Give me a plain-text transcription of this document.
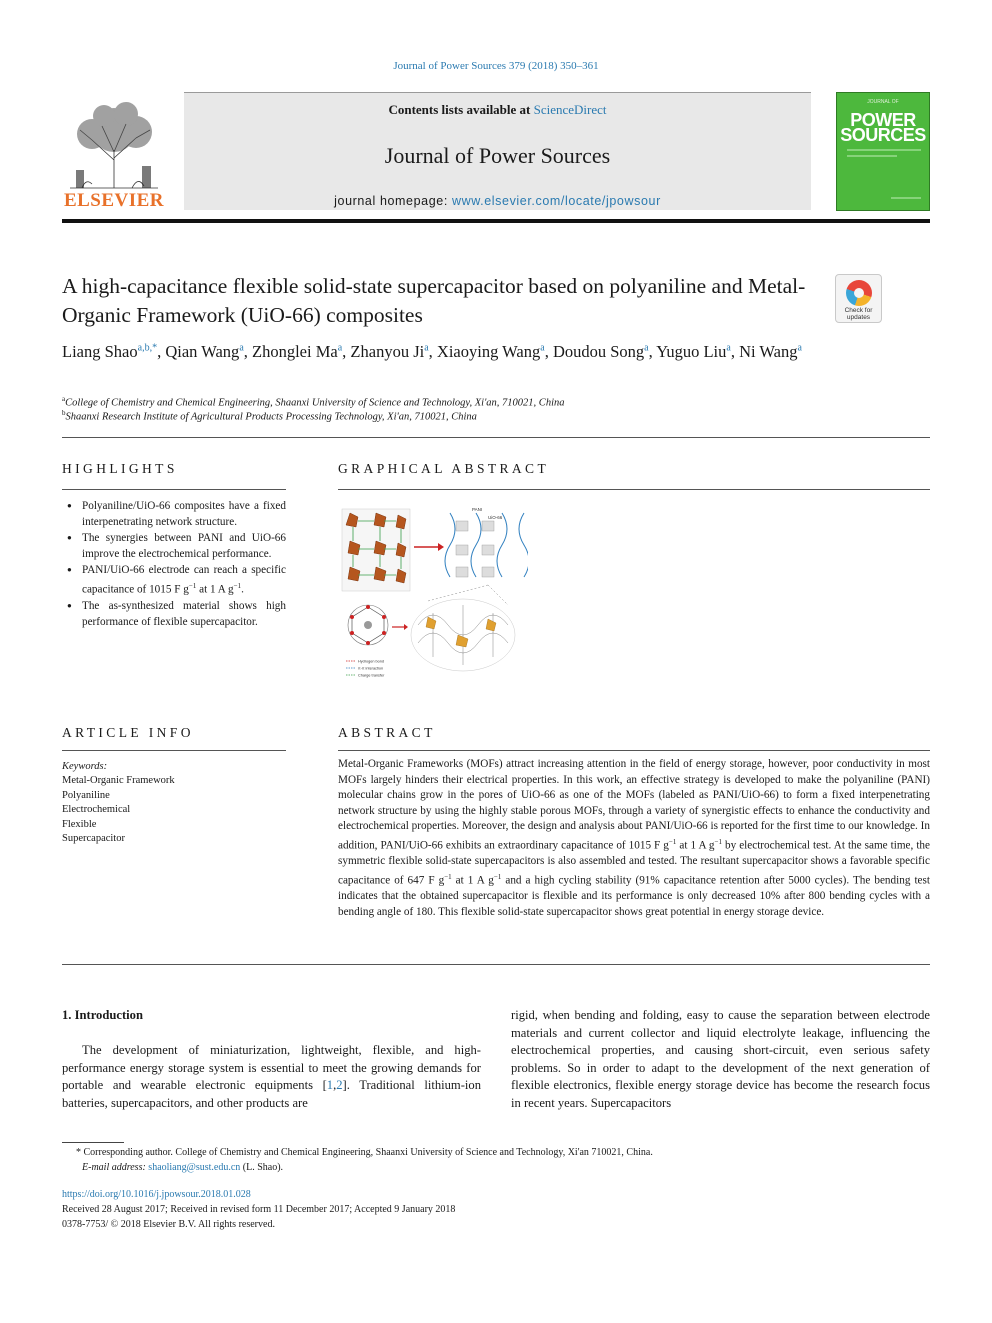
Journal of Power Sources 379 (2018) 350–361
ELSEVIER
Contents lists available at ScienceDirect
Journal of Power Sources
journal homepage: www.elsevier.com/locate/jpowsour
JOURNAL OF
POWER
SOURCES
A high-capacitance flexible solid-state supercapacitor based on polyaniline and Metal-Organic Framework (UiO-66) composites	Check for
updates
Liang Shao$^{a,b,*}$, Qian Wang$^a$, Zhonglei Ma$^a$, Zhanyou Ji$^a$, Xiaoying Wang$^a$, Doudou Song$^a$, Yuguo Liu$^a$, Ni Wang$^a$
$^a$College of Chemistry and Chemical Engineering, Shaanxi University of Science and Technology, Xi'an, 710021, China
$^b$Shaanxi Research Institute of Agricultural Products Processing Technology, Xi'an, 710021, China
HIGHLIGHTS
● Polyaniline/UiO-66 composites have a fixed interpenetrating network structure.
● The synergies between PANI and UiO-66 improve the electrochemical performance.
● PANI/UiO-66 electrode can reach a specific capacitance of 1015 F $g^{-1}$ at 1 A $g^{-1}$.
● The as-synthesized material shows high performance of flexible supercapacitor.
GRAPHICAL ABSTRACT
PANI
UiO-66
Hydrogen bond
π-π interaction
Charge transfer
ARTICLE INFO
Keywords:
Metal-Organic Framework
Polyaniline
Electrochemical
Flexible
Supercapacitor
ABSTRACT
Metal-Organic Frameworks (MOFs) attract increasing attention in the field of energy storage, however, poor conductivity in most MOFs largely hinders their electrical properties. In this work, an effective strategy is developed to make the polyaniline (PANI) molecular chains grow in the pores of UiO-66 as one of the MOFs (labeled as PANI/UiO-66) to form a fixed interpenetrating network structure by using the highly stable porous MOFs, through a variety of synergistic effects to enhance the conductivity and electrochemical properties. Moreover, the design and analysis about PANI/UiO-66 is reported for the first time to our knowledge. In addition, PANI/UiO-66 exhibits an extraordinary capacitance of 1015 F $g^{-1}$ at 1 A $g^{-1}$ by electrochemical test. At the same time, the symmetric flexible solid-state supercapacitors is also assembled and tested. The resultant supercapacitor shows a favorable specific capacitance of 647 F $g^{-1}$ at 1 A $g^{-1}$ and a high cycling stability (91% capacitance retention after 5000 cycles). The bending test indicates that the obtained supercapacitor is flexible and its performance is only decreased 10% after 800 bending cycles with a bending angle of 180. This flexible solid-state supercapacitor shows great potential in energy storage device.
1. Introduction
The development of miniaturization, lightweight, flexible, and high-performance energy storage system is essential to meet the growing demands for portable and wearable electronic equipments [1,2]. Traditional lithium-ion batteries, supercapacitors, and other products are
rigid, when bending and folding, easy to cause the separation between electrode materials and current collector and liquid electrolyte leakage, influencing the electrochemical properties, and causing short-circuit, even serious safety problems. So in order to adapt to the development of the next generation of flexible electronics, flexible energy storage device has become the research focus in recent years. Supercapacitors
* Corresponding author. College of Chemistry and Chemical Engineering, Shaanxi University of Science and Technology, Xi'an 710021, China.
E-mail address: shaoliang@sust.edu.cn (L. Shao).
https://doi.org/10.1016/j.jpowsour.2018.01.028
Received 28 August 2017; Received in revised form 11 December 2017; Accepted 9 January 2018
0378-7753/ © 2018 Elsevier B.V. All rights reserved.
